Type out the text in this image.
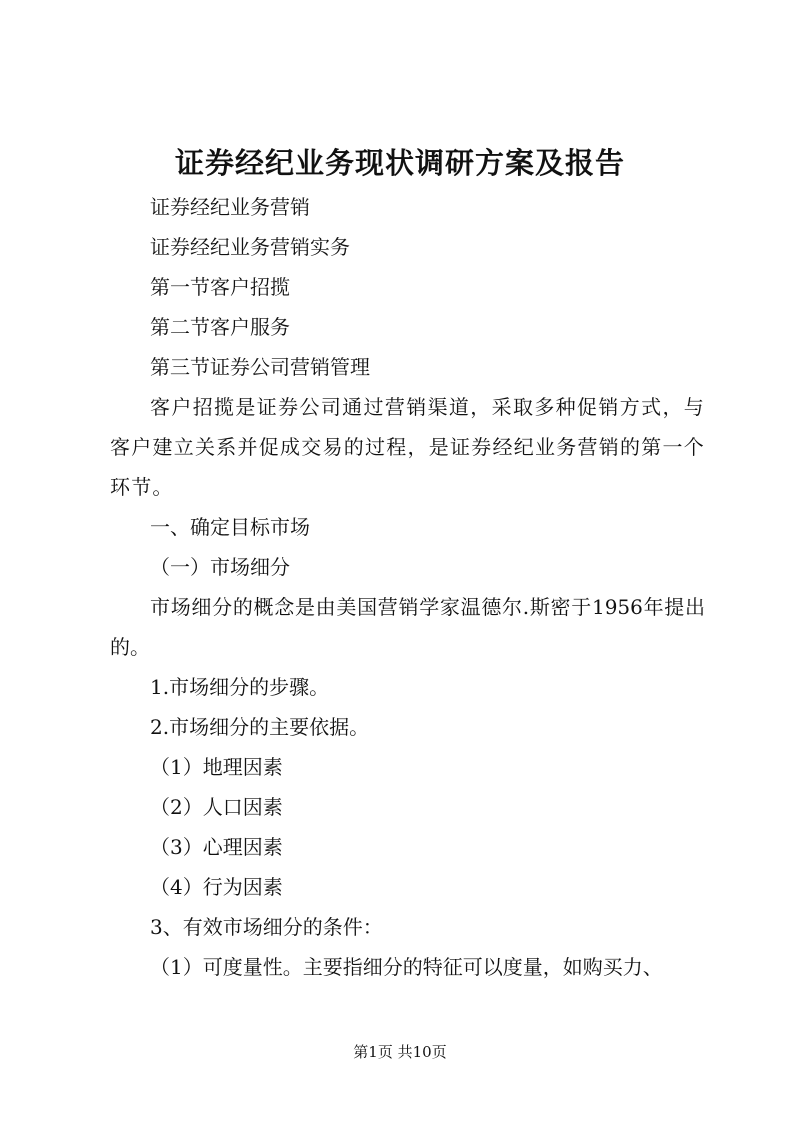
证券经纪业务现状调研方案及报告

证券经纪业务营销

证券经纪业务营销实务

第一节客户招揽

第二节客户服务

第三节证券公司营销管理

客户招揽是证券公司通过营销渠道，采取多种促销方式，与客户建立关系并促成交易的过程，是证券经纪业务营销的第一个环节。

一、确定目标市场

（一）市场细分

市场细分的概念是由美国营销学家温德尔.斯密于1956年提出的。

1.市场细分的步骤。

2.市场细分的主要依据。

（1）地理因素

（2）人口因素

（3）心理因素

（4）行为因素

3、有效市场细分的条件：

（1）可度量性。主要指细分的特征可以度量，如购买力、

第1页 共10页
